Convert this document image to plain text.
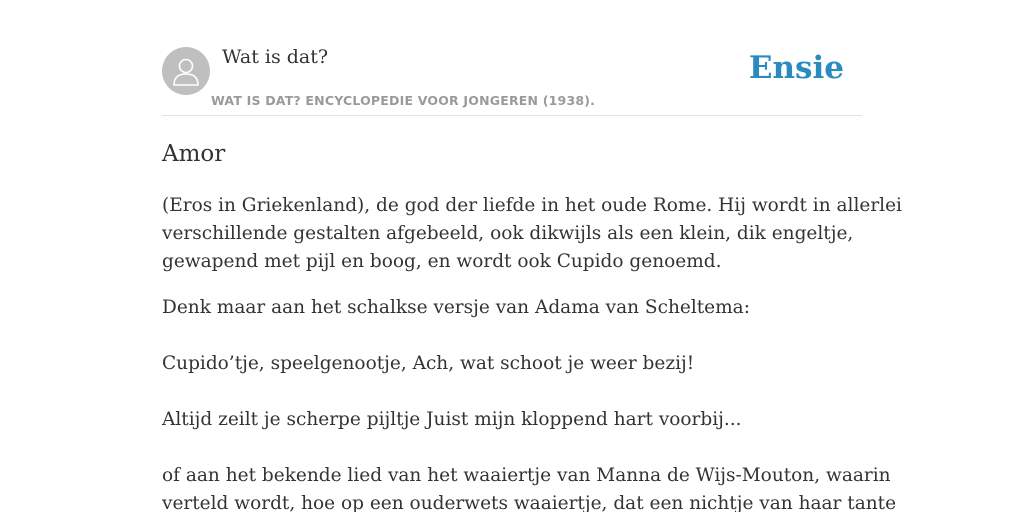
Wat is dat?
WAT IS DAT? ENCYCLOPEDIE VOOR JONGEREN (1938).
Ensie
Amor
(Eros in Griekenland), de god der liefde in het oude Rome. Hij wordt in allerlei
verschillende gestalten afgebeeld, ook dikwijls als een klein, dik engeltje,
gewapend met pijl en boog, en wordt ook Cupido genoemd.
Denk maar aan het schalkse versje van Adama van Scheltema:
Cupido’tje, speelgenootje, Ach, wat schoot je weer bezij!
Altijd zeilt je scherpe pijltje Juist mijn kloppend hart voorbij...
of aan het bekende lied van het waaiertje van Manna de Wijs-Mouton, waarin
verteld wordt, hoe op een ouderwets waaiertje, dat een nichtje van haar tante
